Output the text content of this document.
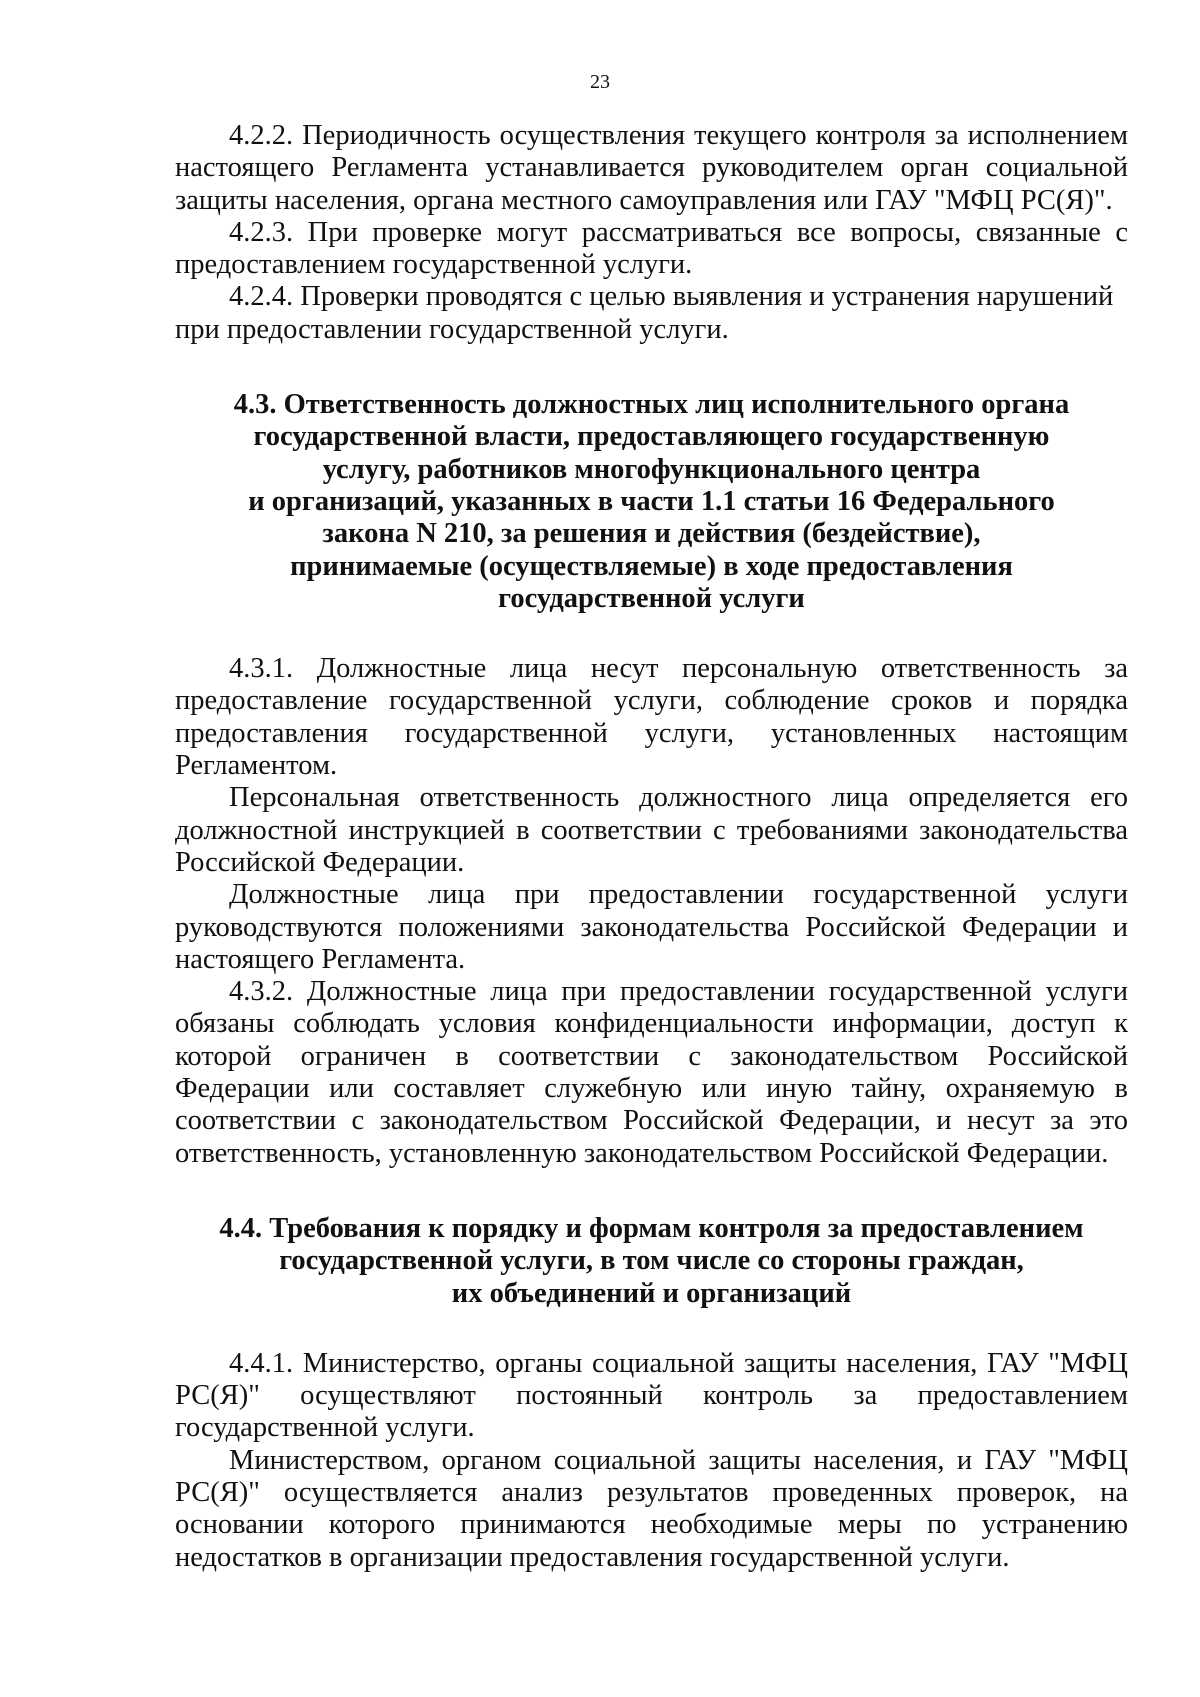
23

4.2.2. Периодичность осуществления текущего контроля за исполнением настоящего Регламента устанавливается руководителем орган социальной защиты населения, органа местного самоуправления или ГАУ "МФЦ РС(Я)".

4.2.3. При проверке могут рассматриваться все вопросы, связанные с предоставлением государственной услуги.

4.2.4. Проверки проводятся с целью выявления и устранения нарушений при предоставлении государственной услуги.

4.3. Ответственность должностных лиц исполнительного органа
государственной власти, предоставляющего государственную
услугу, работников многофункционального центра
и организаций, указанных в части 1.1 статьи 16 Федерального
закона N 210, за решения и действия (бездействие),
принимаемые (осуществляемые) в ходе предоставления
государственной услуги

4.3.1. Должностные лица несут персональную ответственность за предоставление государственной услуги, соблюдение сроков и порядка предоставления государственной услуги, установленных настоящим Регламентом.

Персональная ответственность должностного лица определяется его должностной инструкцией в соответствии с требованиями законодательства Российской Федерации.

Должностные лица при предоставлении государственной услуги руководствуются положениями законодательства Российской Федерации и настоящего Регламента.

4.3.2. Должностные лица при предоставлении государственной услуги обязаны соблюдать условия конфиденциальности информации, доступ к которой ограничен в соответствии с законодательством Российской Федерации или составляет служебную или иную тайну, охраняемую в соответствии с законодательством Российской Федерации, и несут за это ответственность, установленную законодательством Российской Федерации.

4.4. Требования к порядку и формам контроля за предоставлением
государственной услуги, в том числе со стороны граждан,
их объединений и организаций

4.4.1. Министерство, органы социальной защиты населения, ГАУ "МФЦ РС(Я)" осуществляют постоянный контроль за предоставлением государственной услуги.

Министерством, органом социальной защиты населения, и ГАУ "МФЦ РС(Я)" осуществляется анализ результатов проведенных проверок, на основании которого принимаются необходимые меры по устранению недостатков в организации предоставления государственной услуги.
